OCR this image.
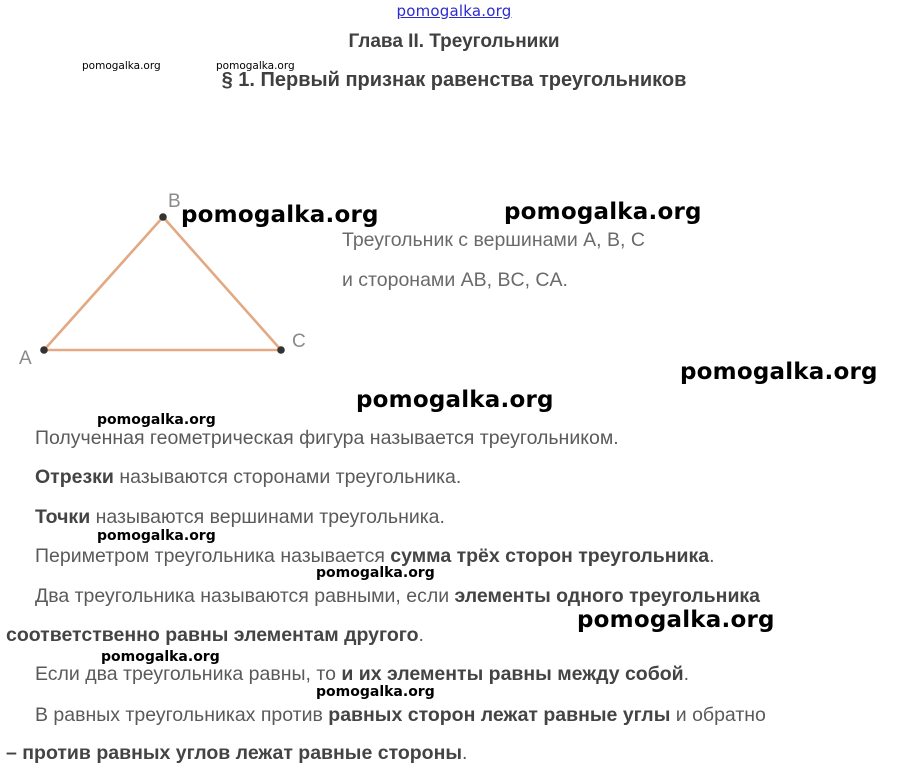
pomogalka.org
Глава II. Треугольники
§ 1. Первый признак равенства треугольников
pomogalka.org	pomogalka.org
A
B
C
Треугольник с вершинами A, B, C
и сторонами AB, BC, CA.
pomogalka.org	pomogalka.org
pomogalka.org
pomogalka.org
pomogalka.org
pomogalka.org
pomogalka.org
pomogalka.org
pomogalka.org
pomogalka.org
Полученная геометрическая фигура называется треугольником.
Отрезки называются сторонами треугольника.
Точки называются вершинами треугольника.
Периметром треугольника называется сумма трёх сторон треугольника.
Два треугольника называются равными, если элементы одного треугольника
соответственно равны элементам другого.
Если два треугольника равны, то и их элементы равны между собой.
В равных треугольниках против равных сторон лежат равные углы и обратно
– против равных углов лежат равные стороны.
